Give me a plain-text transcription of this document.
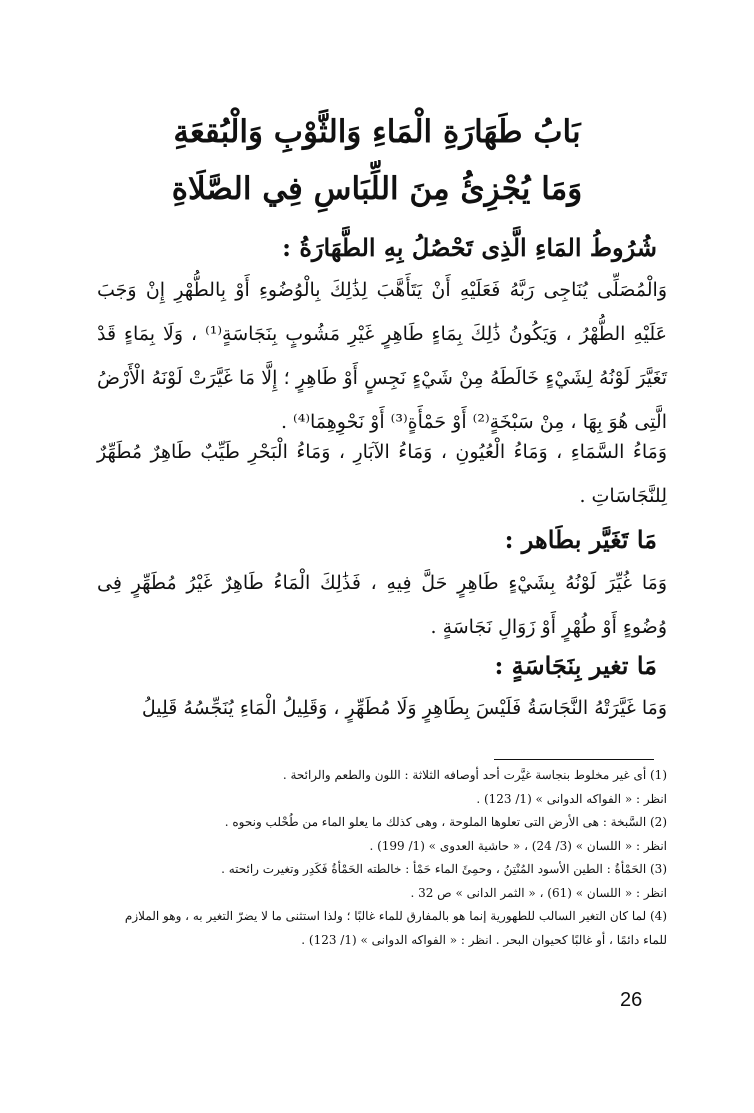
بَابُ طَهَارَةِ الْمَاءِ وَالثَّوْبِ وَالْبُقعَةِ
وَمَا يُجْزِئُ مِنَ اللِّبَاسِ فِي الصَّلَاةِ
شُرُوطُ المَاءِ الَّذِى تَحْصُلُ بِهِ الطَّهَارَةُ :
وَالْمُصَلِّى يُنَاجِى رَبَّهُ فَعَلَيْهِ أَنْ يَتَأَهَّبَ لِذَٰلِكَ بِالْوُضُوءِ أَوْ بِالطُّهْرِ إِنْ وَجَبَ عَلَيْهِ الطُّهْرُ ، وَيَكُونُ ذَٰلِكَ بِمَاءٍ طَاهِرٍ غَيْرِ مَشُوبٍ بِنَجَاسَةٍ⁽¹⁾ ، وَلَا بِمَاءٍ قَدْ تَغَيَّرَ لَوْنُهُ لِشَيْءٍ خَالَطَهُ مِنْ شَيْءٍ نَجِسٍ أَوْ طَاهِرٍ ؛ إِلَّا مَا غَيَّرَتْ لَوْنَهُ الْأَرْضُ الَّتِى هُوَ بِهَا ، مِنْ سَبْخَةٍ⁽²⁾ أَوْ حَمْأَةٍ⁽³⁾ أَوْ نَحْوِهِمَا⁽⁴⁾ .
وَمَاءُ السَّمَاءِ ، وَمَاءُ الْعُيُونِ ، وَمَاءُ الآبَارِ ، وَمَاءُ الْبَحْرِ طَيِّبٌ طَاهِرٌ مُطَهِّرٌ لِلنَّجَاسَاتِ .
مَا تَغَيَّر بطَاهر :
وَمَا غُيِّرَ لَوْنُهُ بِشَيْءٍ طَاهِرٍ حَلَّ فِيهِ ، فَذَٰلِكَ الْمَاءُ طَاهِرٌ غَيْرُ مُطَهِّرٍ فِى وُضُوءٍ أَوْ طُهْرٍ أَوْ زَوَالِ نَجَاسَةٍ .
مَا تغير بِنَجَاسَةٍ :
وَمَا غَيَّرَتْهُ النَّجَاسَةُ فَلَيْسَ بِطَاهِرٍ وَلَا مُطَهِّرٍ ، وَقَلِيلُ الْمَاءِ يُنَجِّسُهُ قَلِيلُ
(1) أى غير مخلوط بنجاسة غيَّرت أحد أوصافه الثلاثة : اللون والطعم والرائحة .
انظر : « الفواكه الدوانى » (1/ 123) .
(2) السَّبخة : هى الأرض التى تعلوها الملوحة ، وهى كذلك ما يعلو الماء من طُحْلب ونحوه .
انظر : « اللسان » (3/ 24) ، « حاشية العدوى » (1/ 199) .
(3) الحَمْأةُ : الطين الأسود المُنْتِنُ ، وحمِئَ الماء حَمْأ : خالطته الحَمْأةُ فَكَدِر وتغيرت رائحته .
انظر : « اللسان » (61) ، « الثمر الدانى » ص 32 .
(4) لما كان التغير السالب للطهورية إنما هو بالمفارق للماء غالبًا ؛ ولذا استثنى ما لا يضرّ التغير به ، وهو الملازم
للماء دائمًا ، أو غالبًا كحيوان البحر . انظر : « الفواكه الدوانى » (1/ 123) .
26
